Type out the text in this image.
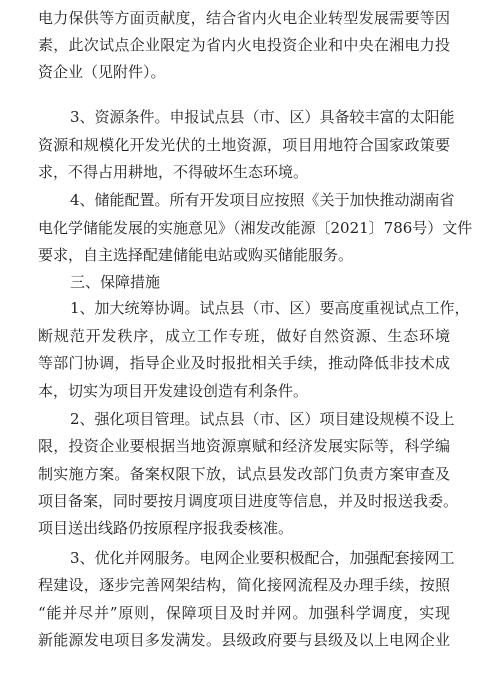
电力保供等方面贡献度，结合省内火电企业转型发展需要等因

素，此次试点企业限定为省内火电投资企业和中央在湘电力投

资企业（见附件）。

3、资源条件。申报试点县（市、区）具备较丰富的太阳能

资源和规模化开发光伏的土地资源，项目用地符合国家政策要

求，不得占用耕地，不得破坏生态环境。

4、储能配置。所有开发项目应按照《关于加快推动湖南省

电化学储能发展的实施意见》（湘发改能源〔2021〕786号）文件

要求，自主选择配建储能电站或购买储能服务。

三、保障措施

1、加大统筹协调。试点县（市、区）要高度重视试点工作，

断规范开发秩序，成立工作专班，做好自然资源、生态环境

等部门协调，指导企业及时报批相关手续，推动降低非技术成

本，切实为项目开发建设创造有利条件。

2、强化项目管理。试点县（市、区）项目建设规模不设上

限，投资企业要根据当地资源禀赋和经济发展实际等，科学编

制实施方案。备案权限下放，试点县发改部门负责方案审查及

项目备案，同时要按月调度项目进度等信息，并及时报送我委。

项目送出线路仍按原程序报我委核准。

3、优化并网服务。电网企业要积极配合，加强配套接网工

程建设，逐步完善网架结构，简化接网流程及办理手续，按照

“能并尽并”原则，保障项目及时并网。加强科学调度，实现

新能源发电项目多发满发。县级政府要与县级及以上电网企业
